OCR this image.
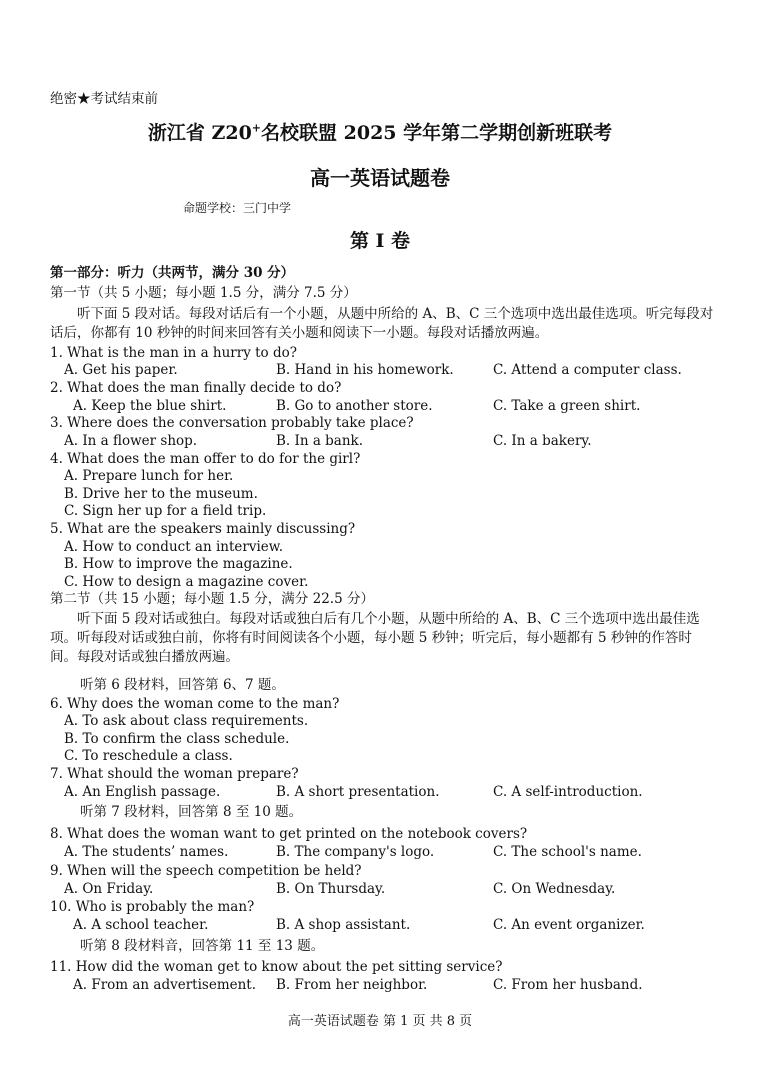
绝密★考试结束前
浙江省 Z20+名校联盟 2025 学年第二学期创新班联考
高一英语试题卷
命题学校：三门中学
第 I 卷
第一部分：听力（共两节，满分 30 分）
第一节（共 5 小题；每小题 1.5 分，满分 7.5 分）
听下面 5 段对话。每段对话后有一个小题，从题中所给的 A、B、C 三个选项中选出最佳选项。听完每段对话后，你都有 10 秒钟的时间来回答有关小题和阅读下一小题。每段对话播放两遍。
1. What is the man in a hurry to do?
A. Get his paper.	B. Hand in his homework.	C. Attend a computer class.
2. What does the man finally decide to do?
A. Keep the blue shirt.	B. Go to another store.	C. Take a green shirt.
3. Where does the conversation probably take place?
A. In a flower shop.	B. In a bank.	C. In a bakery.
4. What does the man offer to do for the girl?
A. Prepare lunch for her.
B. Drive her to the museum.
C. Sign her up for a field trip.
5. What are the speakers mainly discussing?
A. How to conduct an interview.
B. How to improve the magazine.
C. How to design a magazine cover.
第二节（共 15 小题；每小题 1.5 分，满分 22.5 分）
听下面 5 段对话或独白。每段对话或独白后有几个小题，从题中所给的 A、B、C 三个选项中选出最佳选项。听每段对话或独白前，你将有时间阅读各个小题，每小题 5 秒钟；听完后，每小题都有 5 秒钟的作答时间。每段对话或独白播放两遍。
听第 6 段材料，回答第 6、7 题。
6. Why does the woman come to the man?
A. To ask about class requirements.
B. To confirm the class schedule.
C. To reschedule a class.
7. What should the woman prepare?
A. An English passage.	B. A short presentation.	C. A self-introduction.
听第 7 段材料，回答第 8 至 10 题。
8. What does the woman want to get printed on the notebook covers?
A. The students’ names.	B. The company's logo.	C. The school's name.
9. When will the speech competition be held?
A. On Friday.	B. On Thursday.	C. On Wednesday.
10. Who is probably the man?
A. A school teacher.	B. A shop assistant.	C. An event organizer.
听第 8 段材料音，回答第 11 至 13 题。
11. How did the woman get to know about the pet sitting service?
A. From an advertisement. B. From her neighbor.	C. From her husband.
高一英语试题卷 第 1 页 共 8 页
